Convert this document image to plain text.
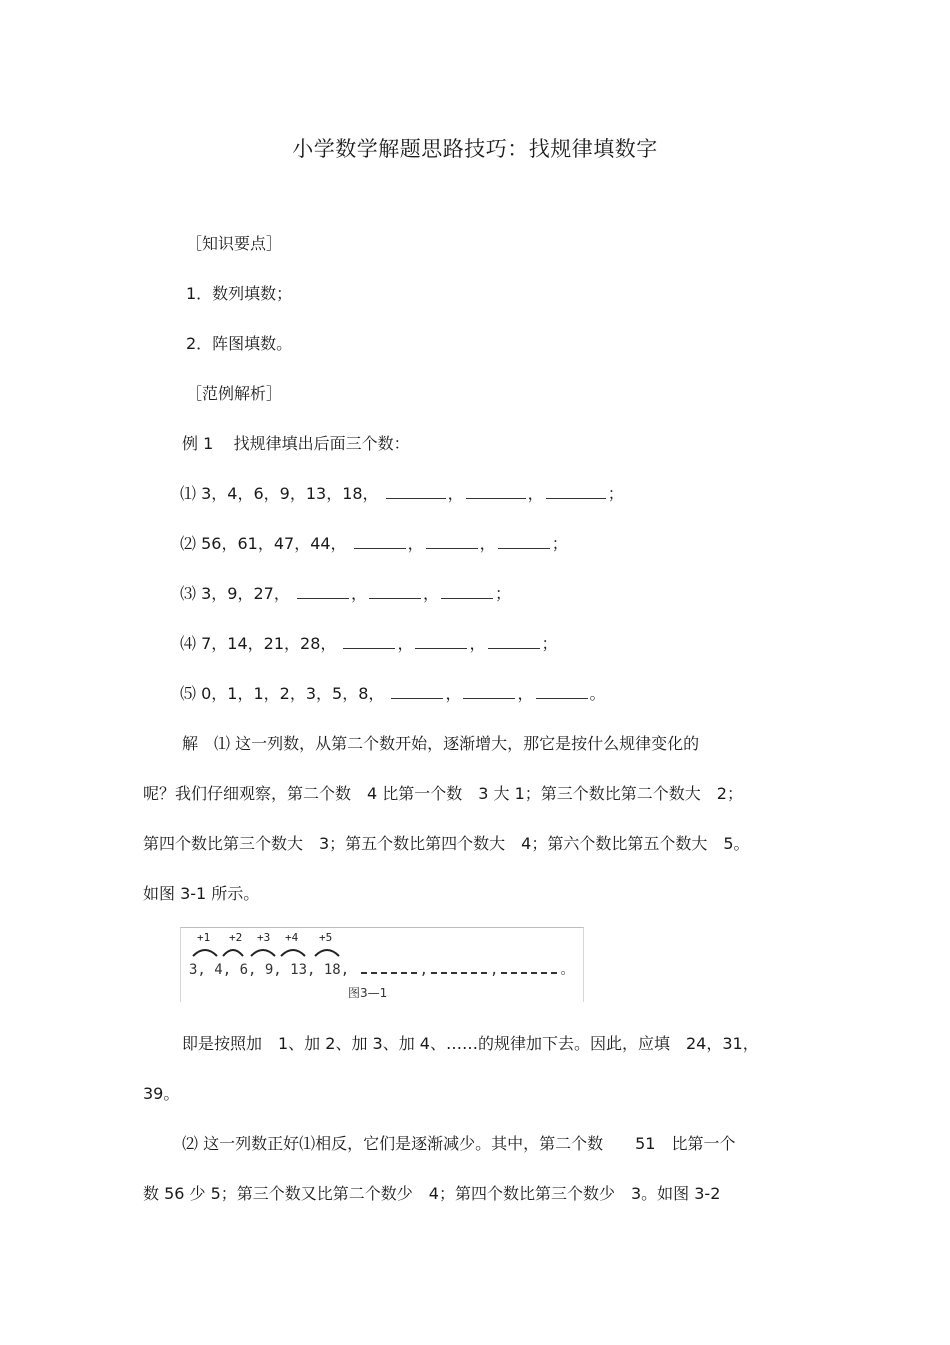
小学数学解题思路技巧：找规律填数字
［知识要点］
1．数列填数；
2．阵图填数。
［范例解析］
例 1 找规律填出后面三个数：
⑴ 3，4，6，9，13，18，	，	，	；
⑵ 56，61，47，44，	，	，	；
⑶ 3，9，27，	，	，	；
⑷ 7，14，21，28，	，	，	；
⑸ 0，1，1，2，3，5，8，	，	，	。
解　⑴ 这一列数，从第二个数开始，逐渐增大，那它是按什么规律变化的
呢？我们仔细观察，第二个数　4 比第一个数　3 大 1；第三个数比第二个数大　2；
第四个数比第三个数大　3；第五个数比第四个数大　4；第六个数比第五个数大　5。
如图 3-1 所示。
+1 +2 +3 +4 +5
3, 4, 6, 9, 13, 18,	,	,	。
图3—1
即是按照加　1、加 2、加 3、加 4、……的规律加下去。因此，应填　24，31，
39。
⑵ 这一列数正好⑴相反，它们是逐渐减少。其中，第二个数　　51　比第一个
数 56 少 5；第三个数又比第二个数少　4；第四个数比第三个数少　3。如图 3-2
